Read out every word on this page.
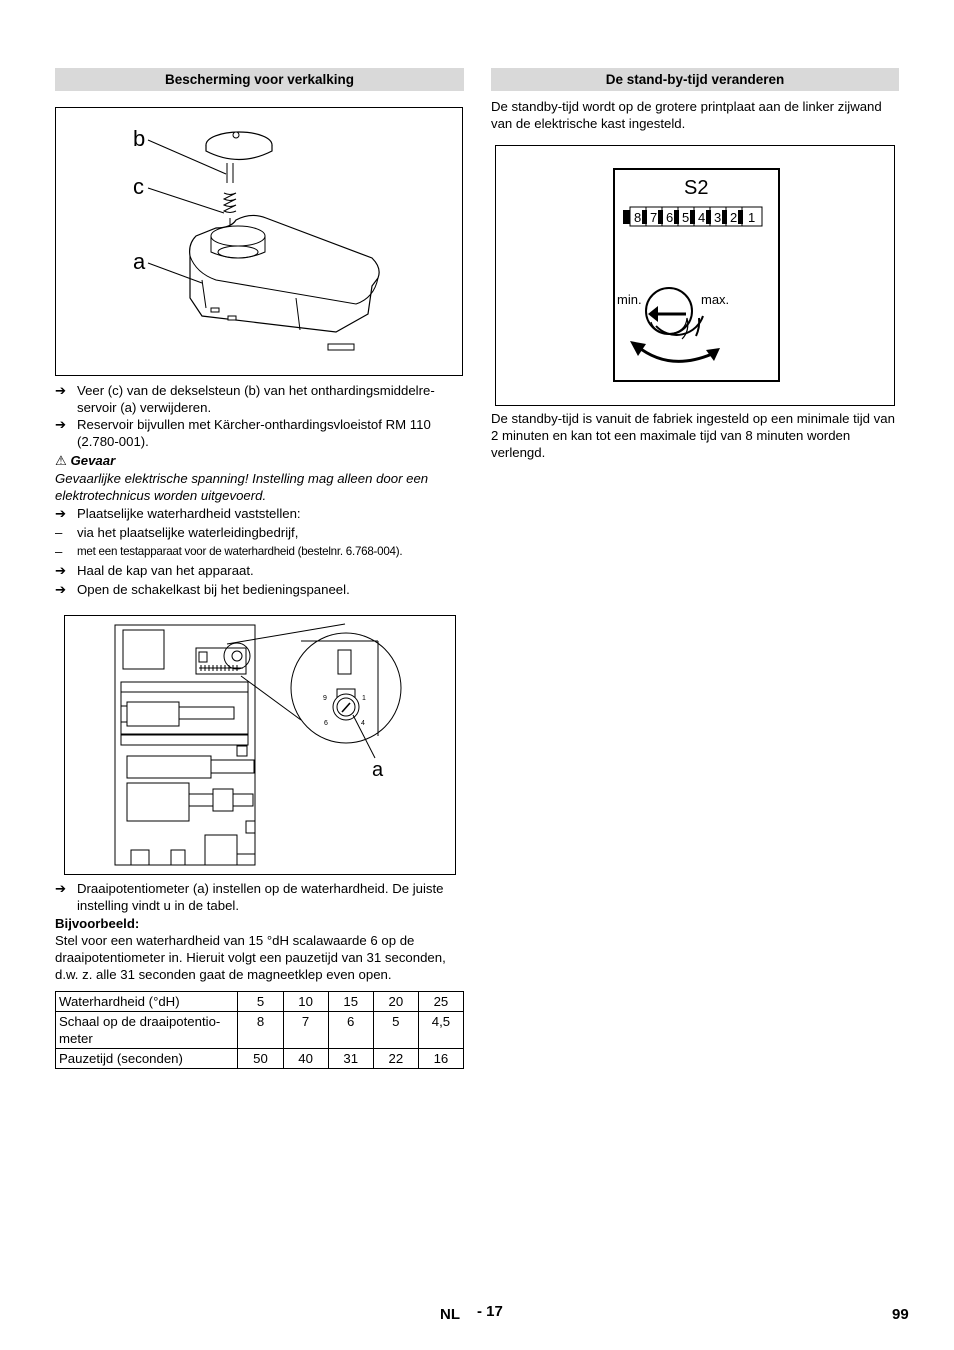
Bescherming voor verkalking
b
c
a

➔ Veer (c) van de dekselsteun (b) van het onthardingsmiddelreservoir (a) verwijderen.

➔ Reservoir bijvullen met Kärcher-onthardingsvloeistof RM 110 (2.780-001).

⚠ Gevaar

Gevaarlijke elektrische spanning! Instelling mag alleen door een elektrotechnicus worden uitgevoerd.

➔ Plaatselijke waterhardheid vaststellen:

– via het plaatselijke waterleidingbedrijf,

– met een testapparaat voor de waterhardheid (bestelnr. 6.768-004).

➔ Haal de kap van het apparaat.

➔ Open de schakelkast bij het bedieningspaneel.

9	1
6	4
a

➔ Draaipotentiometer (a) instellen op de waterhardheid. De juiste instelling vindt u in de tabel.

Bijvoorbeeld:

Stel voor een waterhardheid van 15 °dH scalawaarde 6 op de draaipotentiometer in. Hieruit volgt een pauzetijd van 31 seconden, d.w. z. alle 31 seconden gaat de magneetklep even open.

Waterhardheid (°dH)	5	10	15	20	25
Schaal op de draaipotentiometer	8	7	6	5	4,5
Pauzetijd (seconden)	50	40	31	22	16
De stand-by-tijd veranderen

De standby-tijd wordt op de grotere printplaat aan de linker zijwand van de elektrische kast ingesteld.

S2
8 7 6 5 4 3 2 1
min.	max.

De standby-tijd is vanuit de fabriek ingesteld op een minimale tijd van 2 minuten en kan tot een maximale tijd van 8 minuten worden verlengd.

NL - 17	99
